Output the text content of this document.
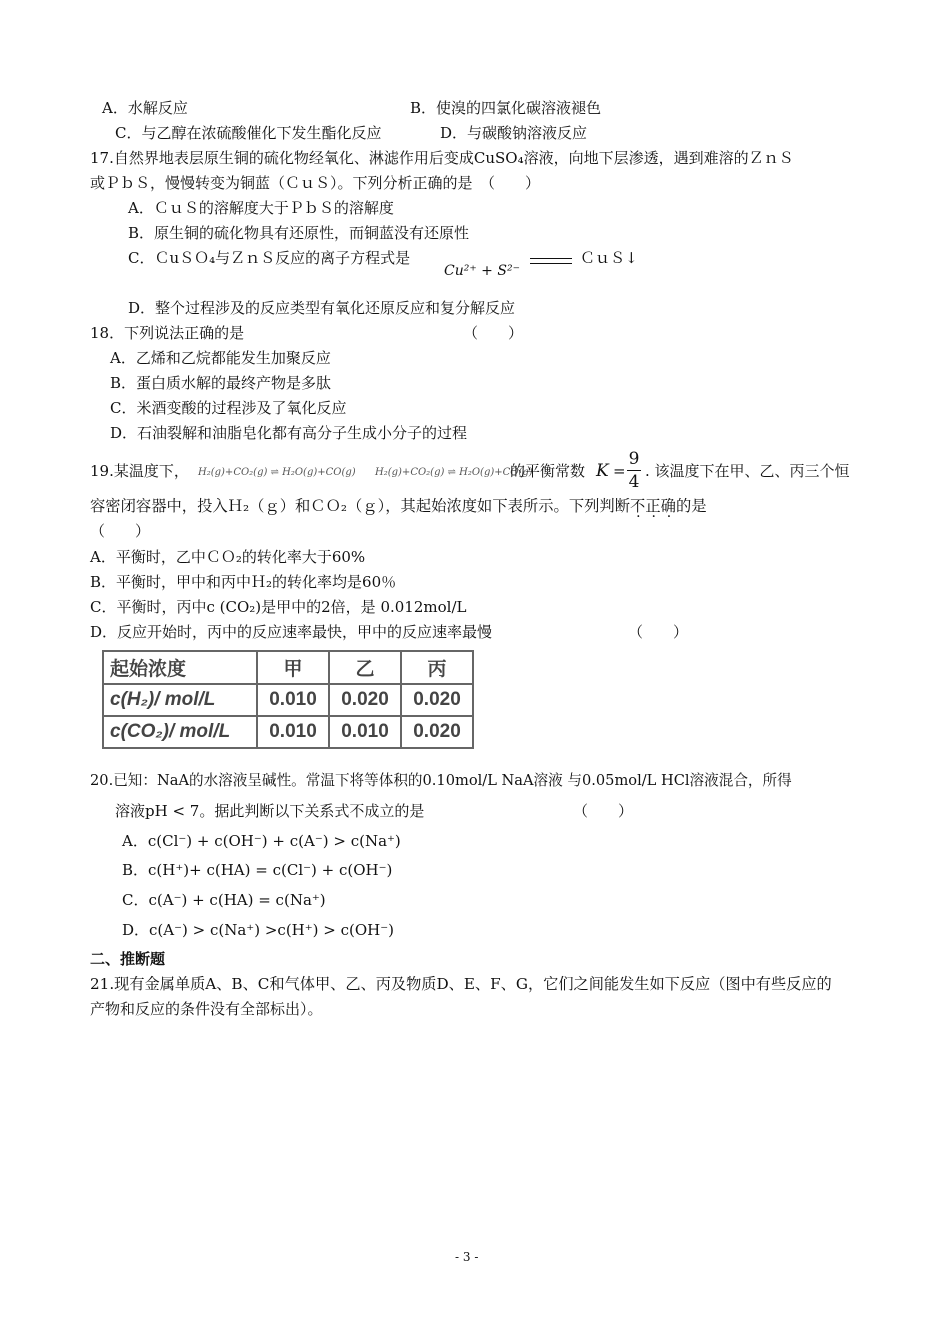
A．水解反应	B．使溴的四氯化碳溶液褪色
C．与乙醇在浓硫酸催化下发生酯化反应	D．与碳酸钠溶液反应
17.自然界地表层原生铜的硫化物经氧化、淋滤作用后变成CuSO₄溶液，向地下层渗透，遇到难溶的ＺｎＳ
或ＰｂＳ，慢慢转变为铜蓝（ＣｕＳ）。下列分析正确的是　（　　）
A．ＣｕＳ的溶解度大于ＰｂＳ的溶解度
B．原生铜的硫化物具有还原性，而铜蓝没有还原性
C．ＣuＳＯ₄与ＺｎＳ反应的离子方程式是
Cu²⁺ + S²⁻
ＣｕＳ↓
D．整个过程涉及的反应类型有氧化还原反应和复分解反应
18．下列说法正确的是	（　　）
A．乙烯和乙烷都能发生加聚反应
B．蛋白质水解的最终产物是多肽
C．米酒变酸的过程涉及了氧化反应
D．石油裂解和油脂皂化都有高分子生成小分子的过程
19.某温度下， H₂(g)+CO₂(g) ⇌ H₂O(g)+CO(g) H₂(g)+CO₂(g) ⇌ H₂O(g)+CO(g)
的平衡常数 $K = \frac{9}{4}$ . 该温度下在甲、乙、丙三个恒
容密闭容器中，投入Ｈ₂（ｇ）和ＣＯ₂（ｇ），其起始浓度如下表所示。下列判断不正确的是
（　　）
A．平衡时，乙中ＣＯ₂的转化率大于60%
B．平衡时，甲中和丙中Ｈ₂的转化率均是60％
C．平衡时，丙中c (CO₂)是甲中的2倍，是 0.012mol/L
D．反应开始时，丙中的反应速率最快，甲中的反应速率最慢	（　　）
起始浓度	甲	乙	丙
c(H₂)/ mol/L	0.010	0.020	0.020
c(CO₂)/ mol/L	0.010	0.010	0.020
20.已知：NaA的水溶液呈碱性。常温下将等体积的0.10mol/L NaA溶液 与0.05mol/L HCl溶液混合，所得
溶液pH < 7。据此判断以下关系式不成立的是	（　　）
A．c(Cl⁻) + c(OH⁻) + c(A⁻) > c(Na⁺)
B．c(H⁺)+ c(HA) = c(Cl⁻) + c(OH⁻)
C．c(A⁻) + c(HA) = c(Na⁺)
D．c(A⁻) > c(Na⁺) >c(H⁺) > c(OH⁻)
二、推断题
21.现有金属单质A、B、C和气体甲、乙、丙及物质D、E、F、G，它们之间能发生如下反应（图中有些反应的
产物和反应的条件没有全部标出）。
- 3 -
